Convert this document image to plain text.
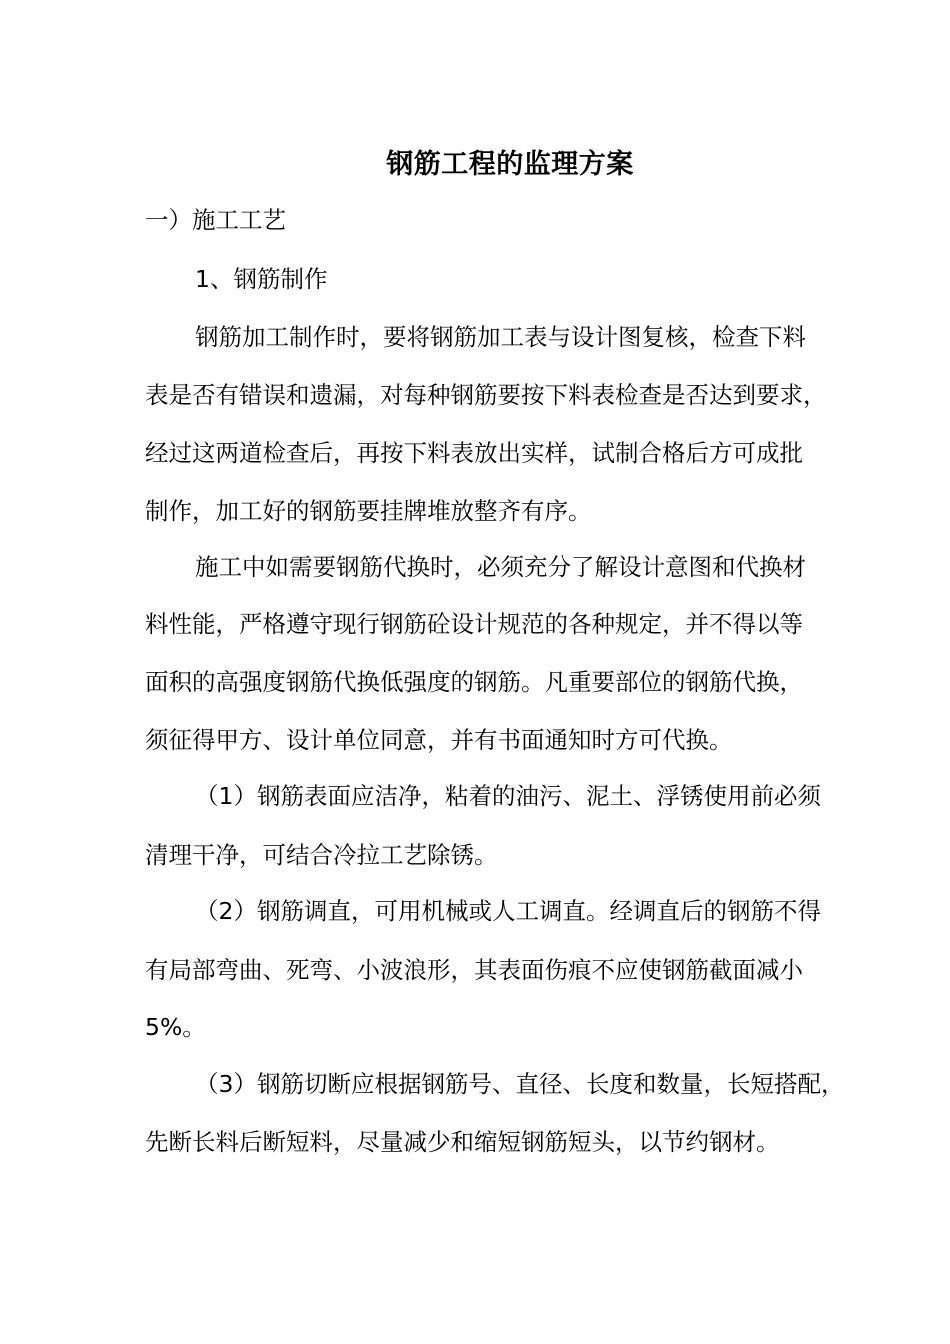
钢筋工程的监理方案
一）施工工艺
1、钢筋制作
钢筋加工制作时，要将钢筋加工表与设计图复核，检查下料
表是否有错误和遗漏，对每种钢筋要按下料表检查是否达到要求，
经过这两道检查后，再按下料表放出实样，试制合格后方可成批
制作，加工好的钢筋要挂牌堆放整齐有序。
施工中如需要钢筋代换时，必须充分了解设计意图和代换材
料性能，严格遵守现行钢筋砼设计规范的各种规定，并不得以等
面积的高强度钢筋代换低强度的钢筋。凡重要部位的钢筋代换，
须征得甲方、设计单位同意，并有书面通知时方可代换。
（1）钢筋表面应洁净，粘着的油污、泥土、浮锈使用前必须
清理干净，可结合冷拉工艺除锈。
（2）钢筋调直，可用机械或人工调直。经调直后的钢筋不得
有局部弯曲、死弯、小波浪形，其表面伤痕不应使钢筋截面减小
5%。
（3）钢筋切断应根据钢筋号、直径、长度和数量，长短搭配，
先断长料后断短料，尽量减少和缩短钢筋短头，以节约钢材。
